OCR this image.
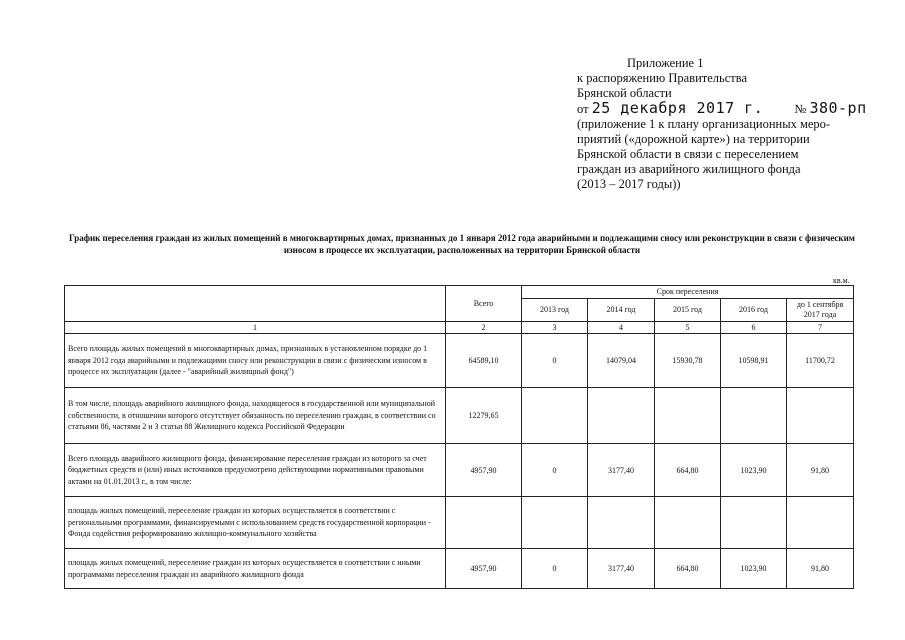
Приложение 1
к распоряжению Правительства
Брянской области
от 25 декабря 2017 г. № 380-рп
(приложение 1 к плану организационных меро-
приятий («дорожной карте») на территории
Брянской области в связи с переселением
граждан из аварийного жилищного фонда
(2013 – 2017 годы))
График переселения граждан из жилых помещений в многоквартирных домах, признанных до 1 января 2012 года аварийными и подлежащими сносу или реконструкции в связи с физическим износом в процессе их эксплуатации, расположенных на территории Брянской области
кв.м.
	Всего	Срок переселения				
		2013 год	2014 год	2015 год	2016 год	до 1 сентября 2017 года
1	2	3	4	5	6	7
Всего площадь жилых помещений в многоквартирных домах, признанных в установленном порядке до 1 января 2012 года аварийными и подлежащими сносу или реконструкции в связи с физическим износом в процессе их эксплуатации (далее - "аварийный жилищный фонд")	64589,10	0	14079,04	15930,78	10598,91	11700,72
В том числе, площадь аварийного жилищного фонда, находящегося в государственной или муниципальной собственности, в отношении которого отсутствует обязанность по переселению граждан, в соответствии со статьями 86, частями 2 и 3 статьи 88 Жилищного кодекса Российской Федерации	12279,65					
Всего площадь аварийного жилищного фонда, финансирование переселения граждан из которого за счет бюджетных средств и (или) иных источников предусмотрено действующими нормативными правовыми актами на 01.01.2013 г., в том числе:	4957,90	0	3177,40	664,80	1023,90	91,80
площадь жилых помещений, переселение граждан из которых осуществляется в соответствии с региональными программами, финансируемыми с использованием средств государственной корпорации - Фонда содействия реформированию жилищно-коммунального хозяйства						
площадь жилых помещений, переселение граждан из которых осуществляется в соответствии с иными программами переселения граждан из аварийного жилищного фонда	4957,90	0	3177,40	664,80	1023,90	91,80
